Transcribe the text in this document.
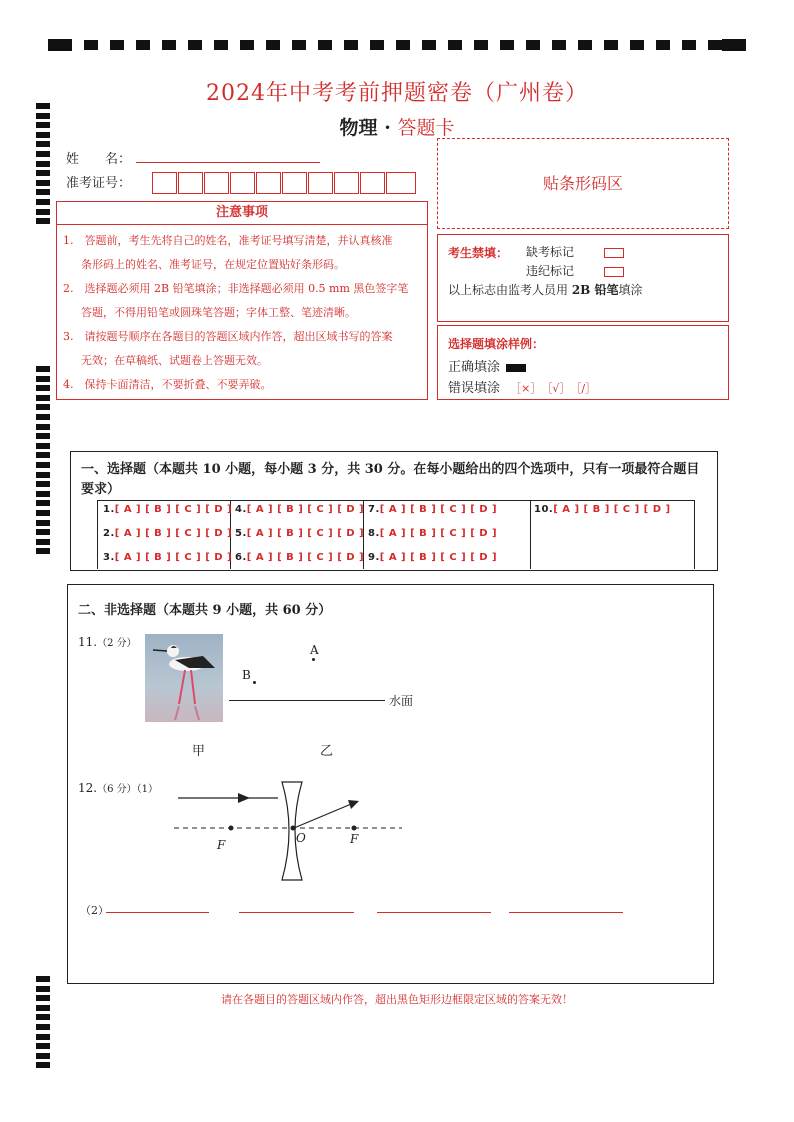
2024年中考考前押题密卷（广州卷）
物理 · 答题卡
姓　　名：
准考证号：
注意事项

1.　答题前，考生先将自己的姓名，准考证号填写清楚，并认真核准

条形码上的姓名、准考证号，在规定位置贴好条形码。

2.　选择题必须用 2B 铅笔填涂；非选择题必须用 0.5 mm 黑色签字笔

答题，不得用铅笔或圆珠笔答题；字体工整、笔迹清晰。

3.　请按题号顺序在各题目的答题区域内作答，超出区域书写的答案

无效；在草稿纸、试题卷上答题无效。

4.　保持卡面清洁，不要折叠、不要弄破。

贴条形码区
考生禁填： 缺考标记
违纪标记
以上标志由监考人员用 2B 铅笔填涂
选择题填涂样例：
正确填涂
错误填涂 ［×］　［√］　［/］
一、选择题（本题共 10 小题，每小题 3 分，共 30 分。在每小题给出的四个选项中，只有一项最符合题目要求）
1.[ A ] [ B ] [ C ] [ D ]
2.[ A ] [ B ] [ C ] [ D ]
3.[ A ] [ B ] [ C ] [ D ]
4.[ A ] [ B ] [ C ] [ D ]
5.[ A ] [ B ] [ C ] [ D ]
6.[ A ] [ B ] [ C ] [ D ]
7.[ A ] [ B ] [ C ] [ D ]
8.[ A ] [ B ] [ C ] [ D ]
9.[ A ] [ B ] [ C ] [ D ]
10.[ A ] [ B ] [ C ] [ D ]
二、非选择题（本题共 9 小题，共 60 分）
11.（2 分）	A
B
水面
甲	乙
12.（6 分）（1）
F	O	F
（2）
请在各题目的答题区域内作答，超出黑色矩形边框限定区域的答案无效！
